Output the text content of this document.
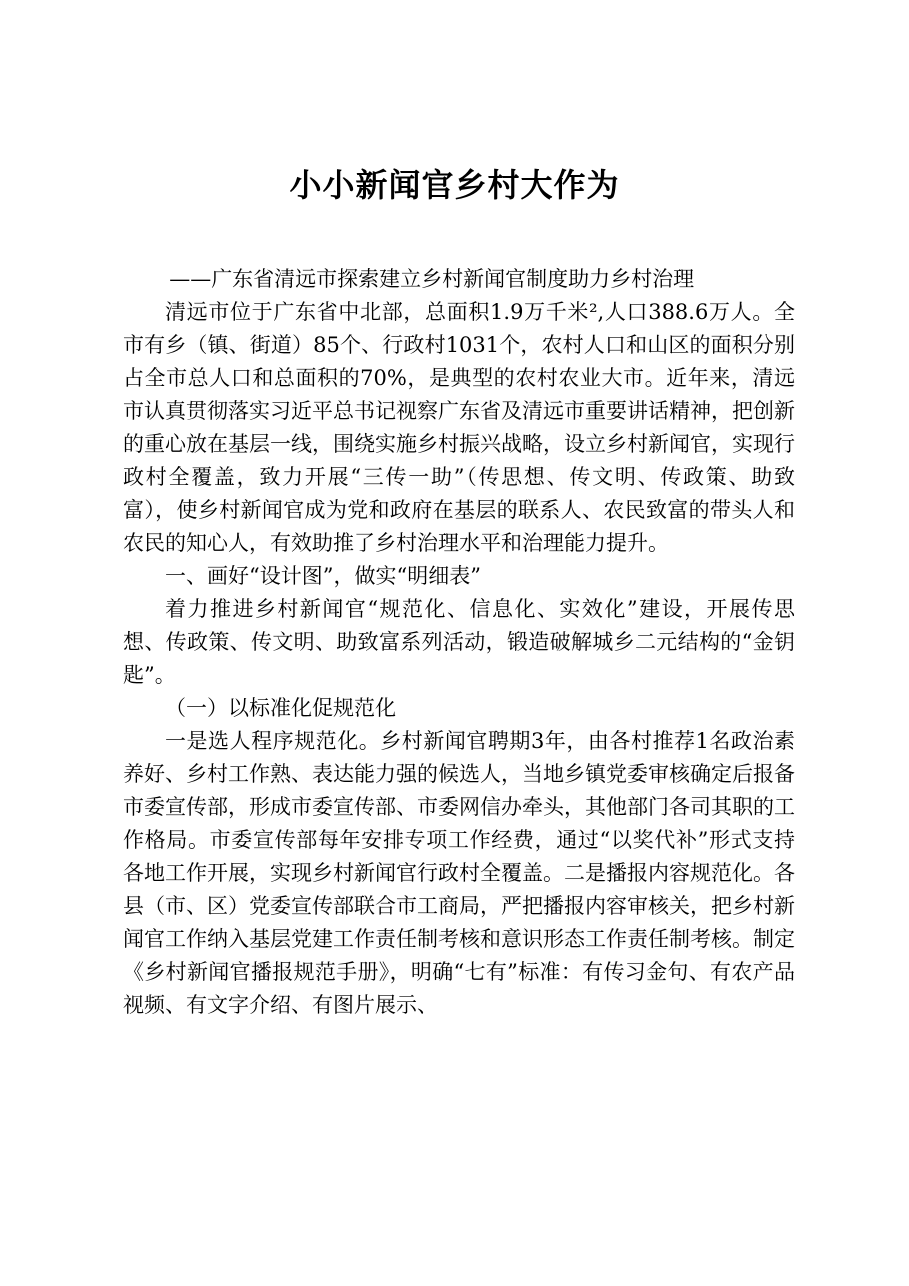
小小新闻官乡村大作为

——广东省清远市探索建立乡村新闻官制度助力乡村治理

清远市位于广东省中北部，总面积1.9万千米²,人口388.6万人。全市有乡（镇、街道）85个、行政村1031个，农村人口和山区的面积分别占全市总人口和总面积的70%，是典型的农村农业大市。近年来，清远市认真贯彻落实习近平总书记视察广东省及清远市重要讲话精神，把创新的重心放在基层一线，围绕实施乡村振兴战略，设立乡村新闻官，实现行政村全覆盖，致力开展“三传一助”（传思想、传文明、传政策、助致富），使乡村新闻官成为党和政府在基层的联系人、农民致富的带头人和农民的知心人，有效助推了乡村治理水平和治理能力提升。

一、画好“设计图”，做实“明细表”

着力推进乡村新闻官“规范化、信息化、实效化”建设，开展传思想、传政策、传文明、助致富系列活动，锻造破解城乡二元结构的“金钥匙”。

（一）以标准化促规范化

一是选人程序规范化。乡村新闻官聘期3年，由各村推荐1名政治素养好、乡村工作熟、表达能力强的候选人，当地乡镇党委审核确定后报备市委宣传部，形成市委宣传部、市委网信办牵头，其他部门各司其职的工作格局。市委宣传部每年安排专项工作经费，通过“以奖代补”形式支持各地工作开展，实现乡村新闻官行政村全覆盖。二是播报内容规范化。各县（市、区）党委宣传部联合市工商局，严把播报内容审核关，把乡村新闻官工作纳入基层党建工作责任制考核和意识形态工作责任制考核。制定《乡村新闻官播报规范手册》，明确“七有”标准：有传习金句、有农产品视频、有文字介绍、有图片展示、
